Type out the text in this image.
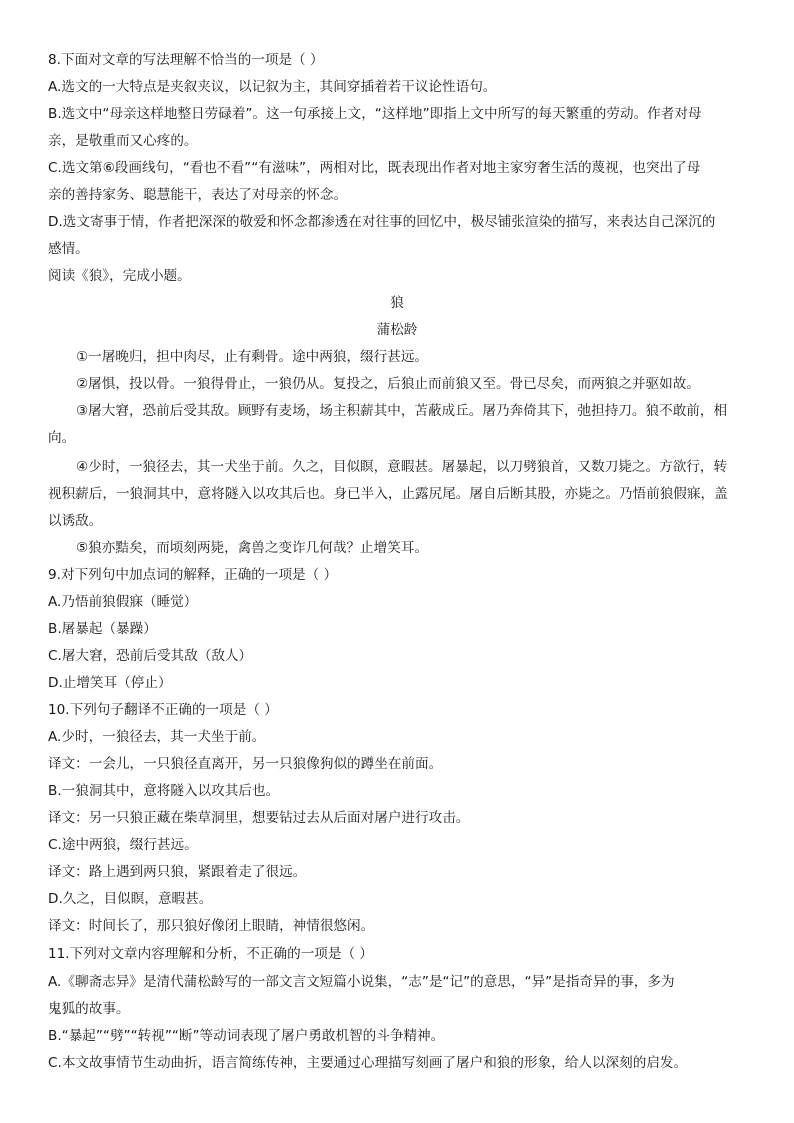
8.下面对文章的写法理解不恰当的一项是（ ）
A.选文的一大特点是夹叙夹议，以记叙为主，其间穿插着若干议论性语句。
B.选文中“母亲这样地整日劳碌着”。这一句承接上文，“这样地”即指上文中所写的每天繁重的劳动。作者对母
亲，是敬重而又心疼的。
C.选文第⑥段画线句，“看也不看”“有滋味”，两相对比，既表现出作者对地主家穷奢生活的蔑视，也突出了母
亲的善持家务、聪慧能干，表达了对母亲的怀念。
D.选文寄事于情，作者把深深的敬爱和怀念都渗透在对往事的回忆中，极尽铺张渲染的描写，来表达自己深沉的
感情。
阅读《狼》，完成小题。
狼
蒲松龄
①一屠晚归，担中肉尽，止有剩骨。途中两狼，缀行甚远。
②屠惧，投以骨。一狼得骨止，一狼仍从。复投之，后狼止而前狼又至。骨已尽矣，而两狼之并驱如故。
③屠大窘，恐前后受其敌。顾野有麦场，场主积薪其中，苫蔽成丘。屠乃奔倚其下，弛担持刀。狼不敢前，相
向。
④少时，一狼径去，其一犬坐于前。久之，目似瞑，意暇甚。屠暴起，以刀劈狼首，又数刀毙之。方欲行，转
视积薪后，一狼洞其中，意将隧入以攻其后也。身已半入，止露尻尾。屠自后断其股，亦毙之。乃悟前狼假寐，盖
以诱敌。
⑤狼亦黠矣，而顷刻两毙，禽兽之变诈几何哉？止增笑耳。
9.对下列句中加点词的解释，正确的一项是（ ）
A.乃悟前狼假寐（睡觉）
B.屠暴起（暴躁）
C.屠大窘，恐前后受其敌（敌人）
D.止增笑耳（停止）
10.下列句子翻译不正确的一项是（ ）
A.少时，一狼径去，其一犬坐于前。
译文：一会儿，一只狼径直离开，另一只狼像狗似的蹲坐在前面。
B.一狼洞其中，意将隧入以攻其后也。
译文：另一只狼正藏在柴草洞里，想要钻过去从后面对屠户进行攻击。
C.途中两狼，缀行甚远。
译文：路上遇到两只狼，紧跟着走了很远。
D.久之，目似瞑，意暇甚。
译文：时间长了，那只狼好像闭上眼睛，神情很悠闲。
11.下列对文章内容理解和分析，不正确的一项是（ ）
A.《聊斋志异》是清代蒲松龄写的一部文言文短篇小说集，“志”是“记”的意思，“异”是指奇异的事，多为
鬼狐的故事。
B.“暴起”“劈”“转视”“断”等动词表现了屠户勇敢机智的斗争精神。
C.本文故事情节生动曲折，语言简练传神，主要通过心理描写刻画了屠户和狼的形象，给人以深刻的启发。
